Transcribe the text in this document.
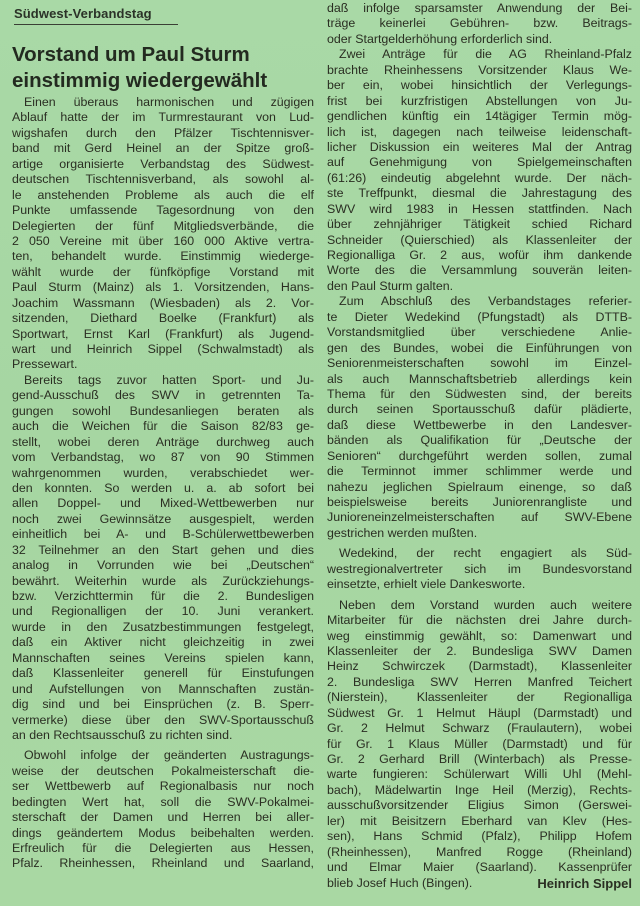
Südwest-Verbandstag
Vorstand um Paul Sturm
einstimmig wiedergewählt
Einen überaus harmonischen und zügigen
Ablauf hatte der im Turmrestaurant von Lud-
wigshafen durch den Pfälzer Tischtennisver-
band mit Gerd Heinel an der Spitze groß-
artige organisierte Verbandstag des Südwest-
deutschen Tischtennisverband, als sowohl al-
le anstehenden Probleme als auch die elf
Punkte umfassende Tagesordnung von den
Delegierten der fünf Mitgliedsverbände, die
2 050 Vereine mit über 160 000 Aktive vertra-
ten, behandelt wurde. Einstimmig wiederge-
wählt wurde der fünfköpfige Vorstand mit
Paul Sturm (Mainz) als 1. Vorsitzenden, Hans-
Joachim Wassmann (Wiesbaden) als 2. Vor-
sitzenden, Diethard Boelke (Frankfurt) als
Sportwart, Ernst Karl (Frankfurt) als Jugend-
wart und Heinrich Sippel (Schwalmstadt) als
Pressewart.
Bereits tags zuvor hatten Sport- und Ju-
gend-Ausschuß des SWV in getrennten Ta-
gungen sowohl Bundesanliegen beraten als
auch die Weichen für die Saison 82/83 ge-
stellt, wobei deren Anträge durchweg auch
vom Verbandstag, wo 87 von 90 Stimmen
wahrgenommen wurden, verabschiedet wer-
den konnten. So werden u. a. ab sofort bei
allen Doppel- und Mixed-Wettbewerben nur
noch zwei Gewinnsätze ausgespielt, werden
einheitlich bei A- und B-Schülerwettbewerben
32 Teilnehmer an den Start gehen und dies
analog in Vorrunden wie bei „Deutschen“
bewährt. Weiterhin wurde als Zurückziehungs-
bzw. Verzichttermin für die 2. Bundesligen
und Regionalligen der 10. Juni verankert.
wurde in den Zusatzbestimmungen festgelegt,
daß ein Aktiver nicht gleichzeitig in zwei
Mannschaften seines Vereins spielen kann,
daß Klassenleiter generell für Einstufungen
und Aufstellungen von Mannschaften zustän-
dig sind und bei Einsprüchen (z. B. Sperr-
vermerke) diese über den SWV-Sportausschuß
an den Rechtsausschuß zu richten sind.
Obwohl infolge der geänderten Austragungs-
weise der deutschen Pokalmeisterschaft die-
ser Wettbewerb auf Regionalbasis nur noch
bedingten Wert hat, soll die SWV-Pokalmei-
sterschaft der Damen und Herren bei aller-
dings geändertem Modus beibehalten werden.
Erfreulich für die Delegierten aus Hessen,
Pfalz. Rheinhessen, Rheinland und Saarland,
daß infolge sparsamster Anwendung der Bei-
träge keinerlei Gebühren- bzw. Beitrags-
oder Startgelderhöhung erforderlich sind.
Zwei Anträge für die AG Rheinland-Pfalz
brachte Rheinhessens Vorsitzender Klaus We-
ber ein, wobei hinsichtlich der Verlegungs-
frist bei kurzfristigen Abstellungen von Ju-
gendlichen künftig ein 14tägiger Termin mög-
lich ist, dagegen nach teilweise leidenschaft-
licher Diskussion ein weiteres Mal der Antrag
auf Genehmigung von Spielgemeinschaften
(61:26) eindeutig abgelehnt wurde. Der näch-
ste Treffpunkt, diesmal die Jahrestagung des
SWV wird 1983 in Hessen stattfinden. Nach
über zehnjähriger Tätigkeit schied Richard
Schneider (Quierschied) als Klassenleiter der
Regionalliga Gr. 2 aus, wofür ihm dankende
Worte des die Versammlung souverän leiten-
den Paul Sturm galten.
Zum Abschluß des Verbandstages referier-
te Dieter Wedekind (Pfungstadt) als DTTB-
Vorstandsmitglied über verschiedene Anlie-
gen des Bundes, wobei die Einführungen von
Seniorenmeisterschaften sowohl im Einzel-
als auch Mannschaftsbetrieb allerdings kein
Thema für den Südwesten sind, der bereits
durch seinen Sportausschuß dafür plädierte,
daß diese Wettbewerbe in den Landesver-
bänden als Qualifikation für „Deutsche der
Senioren“ durchgeführt werden sollen, zumal
die Terminnot immer schlimmer werde und
nahezu jeglichen Spielraum einenge, so daß
beispielsweise bereits Juniorenrangliste und
Junioreneinzelmeisterschaften auf SWV-Ebene
gestrichen werden mußten.
Wedekind, der recht engagiert als Süd-
westregionalvertreter sich im Bundesvorstand
einsetzte, erhielt viele Dankesworte.
Neben dem Vorstand wurden auch weitere
Mitarbeiter für die nächsten drei Jahre durch-
weg einstimmig gewählt, so: Damenwart und
Klassenleiter der 2. Bundesliga SWV Damen
Heinz Schwirczek (Darmstadt), Klassenleiter
2. Bundesliga SWV Herren Manfred Teichert
(Nierstein), Klassenleiter der Regionalliga
Südwest Gr. 1 Helmut Häupl (Darmstadt) und
Gr. 2 Helmut Schwarz (Fraulautern), wobei
für Gr. 1 Klaus Müller (Darmstadt) und für
Gr. 2 Gerhard Brill (Winterbach) als Presse-
warte fungieren: Schülerwart Willi Uhl (Mehl-
bach), Mädelwartin Inge Heil (Merzig), Rechts-
ausschußvorsitzender Eligius Simon (Gerswei-
ler) mit Beisitzern Eberhard van Klev (Hes-
sen), Hans Schmid (Pfalz), Philipp Hofem
(Rheinhessen), Manfred Rogge (Rheinland)
und Elmar Maier (Saarland). Kassenprüfer
blieb Josef Huch (Bingen).	Heinrich Sippel
